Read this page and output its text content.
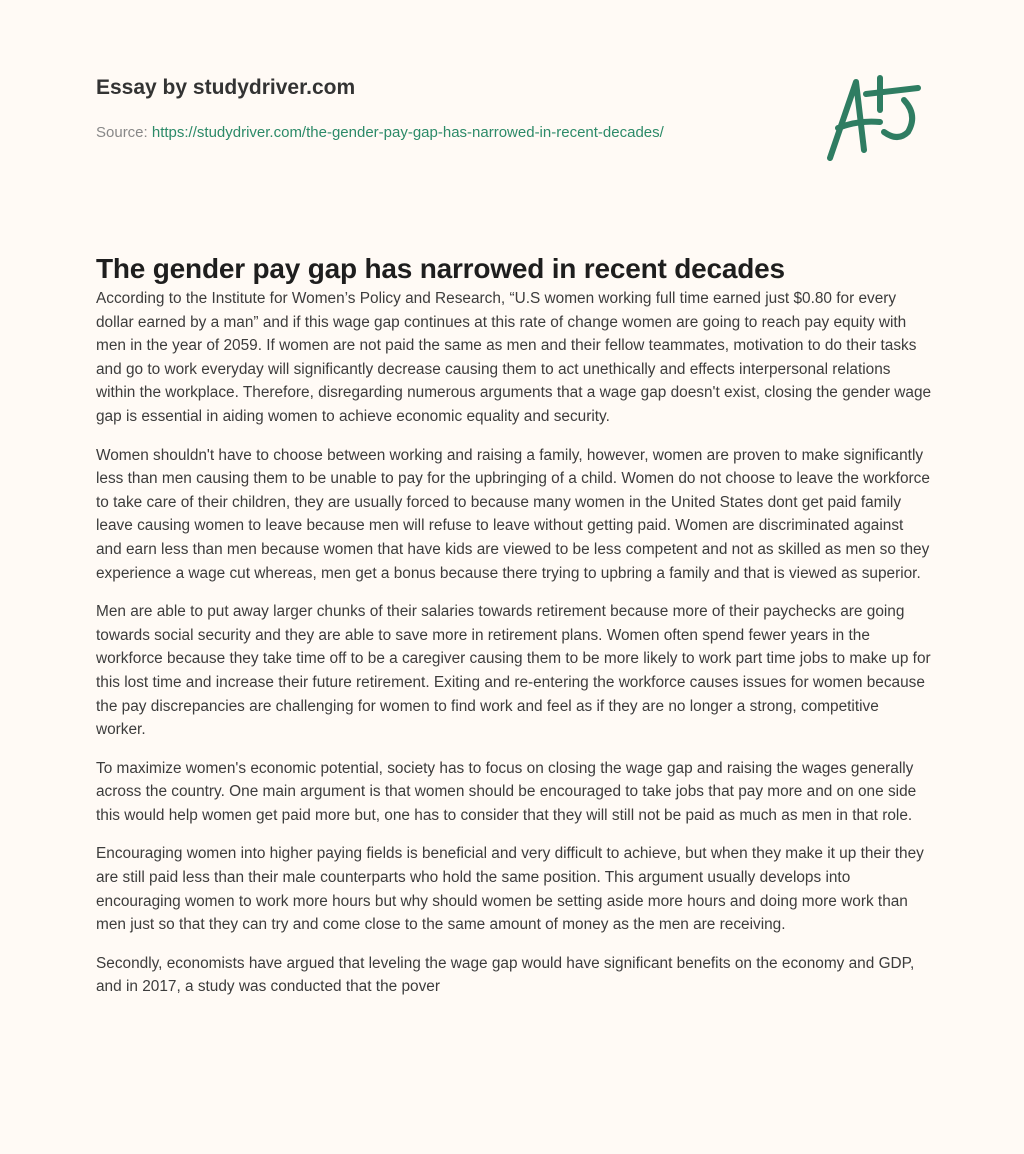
Essay by studydriver.com
Source: https://studydriver.com/the-gender-pay-gap-has-narrowed-in-recent-decades/
The gender pay gap has narrowed in recent decades

According to the Institute for Women’s Policy and Research, “U.S women working full time earned just $0.80 for every dollar earned by a man” and if this wage gap continues at this rate of change women are going to reach pay equity with men in the year of 2059. If women are not paid the same as men and their fellow teammates, motivation to do their tasks and go to work everyday will significantly decrease causing them to act unethically and effects interpersonal relations within the workplace. Therefore, disregarding numerous arguments that a wage gap doesn't exist, closing the gender wage gap is essential in aiding women to achieve economic equality and security.

Women shouldn't have to choose between working and raising a family, however, women are proven to make significantly less than men causing them to be unable to pay for the upbringing of a child. Women do not choose to leave the workforce to take care of their children, they are usually forced to because many women in the United States dont get paid family leave causing women to leave because men will refuse to leave without getting paid. Women are discriminated against and earn less than men because women that have kids are viewed to be less competent and not as skilled as men so they experience a wage cut whereas, men get a bonus because there trying to upbring a family and that is viewed as superior.

Men are able to put away larger chunks of their salaries towards retirement because more of their paychecks are going towards social security and they are able to save more in retirement plans. Women often spend fewer years in the workforce because they take time off to be a caregiver causing them to be more likely to work part time jobs to make up for this lost time and increase their future retirement. Exiting and re-entering the workforce causes issues for women because the pay discrepancies are challenging for women to find work and feel as if they are no longer a strong, competitive worker.

To maximize women's economic potential, society has to focus on closing the wage gap and raising the wages generally across the country. One main argument is that women should be encouraged to take jobs that pay more and on one side this would help women get paid more but, one has to consider that they will still not be paid as much as men in that role.

Encouraging women into higher paying fields is beneficial and very difficult to achieve, but when they make it up their they are still paid less than their male counterparts who hold the same position. This argument usually develops into encouraging women to work more hours but why should women be setting aside more hours and doing more work than men just so that they can try and come close to the same amount of money as the men are receiving.

Secondly, economists have argued that leveling the wage gap would have significant benefits on the economy and GDP, and in 2017, a study was conducted that the pover
